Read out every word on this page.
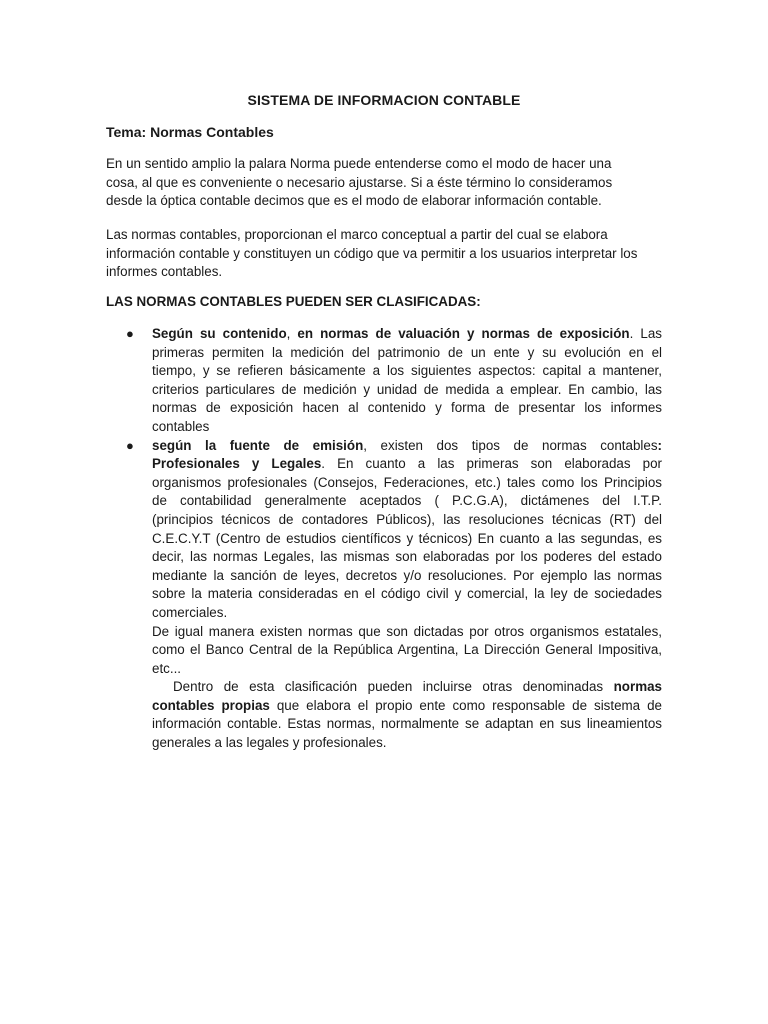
SISTEMA DE INFORMACION CONTABLE
Tema: Normas Contables
En un sentido amplio la palara Norma puede entenderse como el modo de hacer una
cosa, al que es conveniente o necesario ajustarse. Si a éste término lo consideramos
desde la óptica contable decimos que es el modo de elaborar información contable.
Las normas contables, proporcionan el marco conceptual a partir del cual se elabora
información contable y constituyen un código que va permitir a los usuarios interpretar los
informes contables.
LAS NORMAS CONTABLES PUEDEN SER CLASIFICADAS:
● Según su contenido, en normas de valuación y normas de exposición. Las
primeras permiten la medición del patrimonio de un ente y su evolución en el
tiempo, y se refieren básicamente a los siguientes aspectos: capital a mantener,
criterios particulares de medición y unidad de medida a emplear. En cambio, las
normas de exposición hacen al contenido y forma de presentar los informes
contables
● según la fuente de emisión, existen dos tipos de normas contables:
Profesionales y Legales. En cuanto a las primeras son elaboradas por
organismos profesionales (Consejos, Federaciones, etc.) tales como los Principios
de contabilidad generalmente aceptados ( P.C.G.A), dictámenes del I.T.P.
(principios técnicos de contadores Públicos), las resoluciones técnicas (RT) del
C.E.C.Y.T (Centro de estudios científicos y técnicos) En cuanto a las segundas, es
decir, las normas Legales, las mismas son elaboradas por los poderes del estado
mediante la sanción de leyes, decretos y/o resoluciones. Por ejemplo las normas
sobre la materia consideradas en el código civil y comercial, la ley de sociedades
comerciales.
De igual manera existen normas que son dictadas por otros organismos estatales,
como el Banco Central de la República Argentina, La Dirección General Impositiva,
etc...
Dentro de esta clasificación pueden incluirse otras denominadas normas
contables propias que elabora el propio ente como responsable de sistema de
información contable. Estas normas, normalmente se adaptan en sus lineamientos
generales a las legales y profesionales.
